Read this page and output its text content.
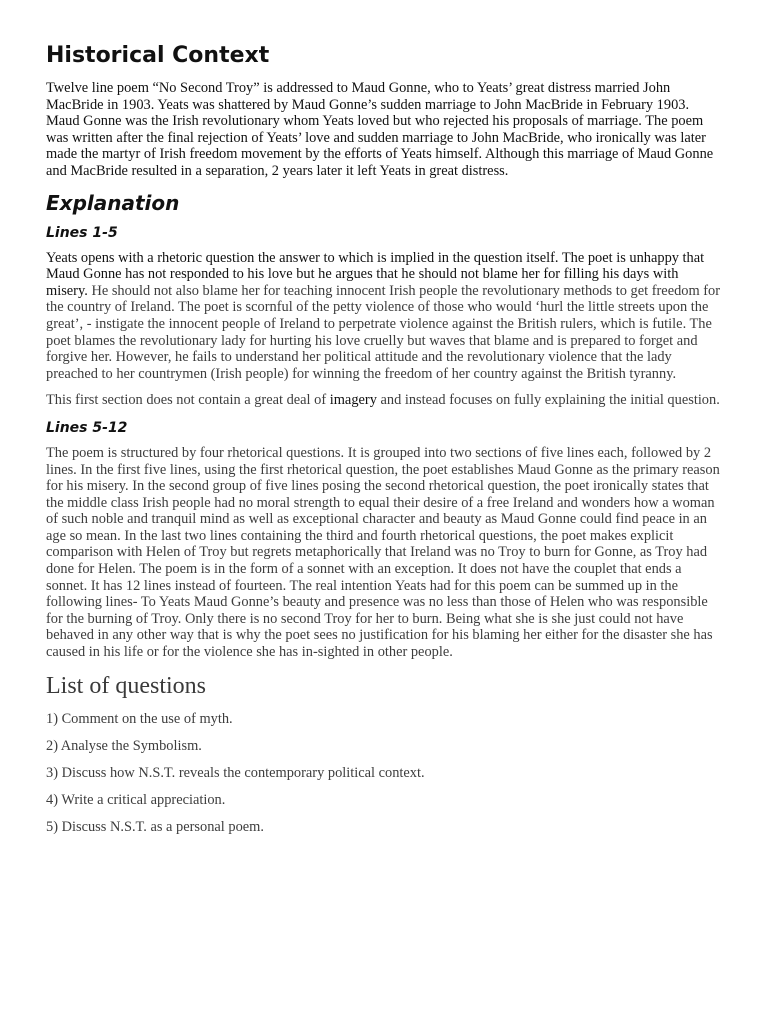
Historical Context

Twelve line poem “No Second Troy” is addressed to Maud Gonne, who to Yeats’ great distress married John MacBride in 1903. Yeats was shattered by Maud Gonne’s sudden marriage to John MacBride in February 1903. Maud Gonne was the Irish revolutionary whom Yeats loved but who rejected his proposals of marriage. The poem was written after the final rejection of Yeats’ love and sudden marriage to John MacBride, who ironically was later made the martyr of Irish freedom movement by the efforts of Yeats himself. Although this marriage of Maud Gonne and MacBride resulted in a separation, 2 years later it left Yeats in great distress.

Explanation
Lines 1-5

Yeats opens with a rhetoric question the answer to which is implied in the question itself. The poet is unhappy that Maud Gonne has not responded to his love but he argues that he should not blame her for filling his days with misery. He should not also blame her for teaching innocent Irish people the revolutionary methods to get freedom for the country of Ireland. The poet is scornful of the petty violence of those who would ‘hurl the little streets upon the great’, - instigate the innocent people of Ireland to perpetrate violence against the British rulers, which is futile. The poet blames the revolutionary lady for hurting his love cruelly but waves that blame and is prepared to forget and forgive her. However, he fails to understand her political attitude and the revolutionary violence that the lady preached to her countrymen (Irish people) for winning the freedom of her country against the British tyranny.

This first section does not contain a great deal of imagery and instead focuses on fully explaining the initial question.

Lines 5-12

The poem is structured by four rhetorical questions. It is grouped into two sections of five lines each, followed by 2 lines. In the first five lines, using the first rhetorical question, the poet establishes Maud Gonne as the primary reason for his misery. In the second group of five lines posing the second rhetorical question, the poet ironically states that the middle class Irish people had no moral strength to equal their desire of a free Ireland and wonders how a woman of such noble and tranquil mind as well as exceptional character and beauty as Maud Gonne could find peace in an age so mean. In the last two lines containing the third and fourth rhetorical questions, the poet makes explicit comparison with Helen of Troy but regrets metaphorically that Ireland was no Troy to burn for Gonne, as Troy had done for Helen. The poem is in the form of a sonnet with an exception. It does not have the couplet that ends a sonnet. It has 12 lines instead of fourteen. The real intention Yeats had for this poem can be summed up in the following lines- To Yeats Maud Gonne’s beauty and presence was no less than those of Helen who was responsible for the burning of Troy. Only there is no second Troy for her to burn. Being what she is she just could not have behaved in any other way that is why the poet sees no justification for his blaming her either for the disaster she has caused in his life or for the violence she has in-sighted in other people.

List of questions

1) Comment on the use of myth.

2) Analyse the Symbolism.

3) Discuss how N.S.T. reveals the contemporary political context.

4) Write a critical appreciation.

5) Discuss N.S.T. as a personal poem.
